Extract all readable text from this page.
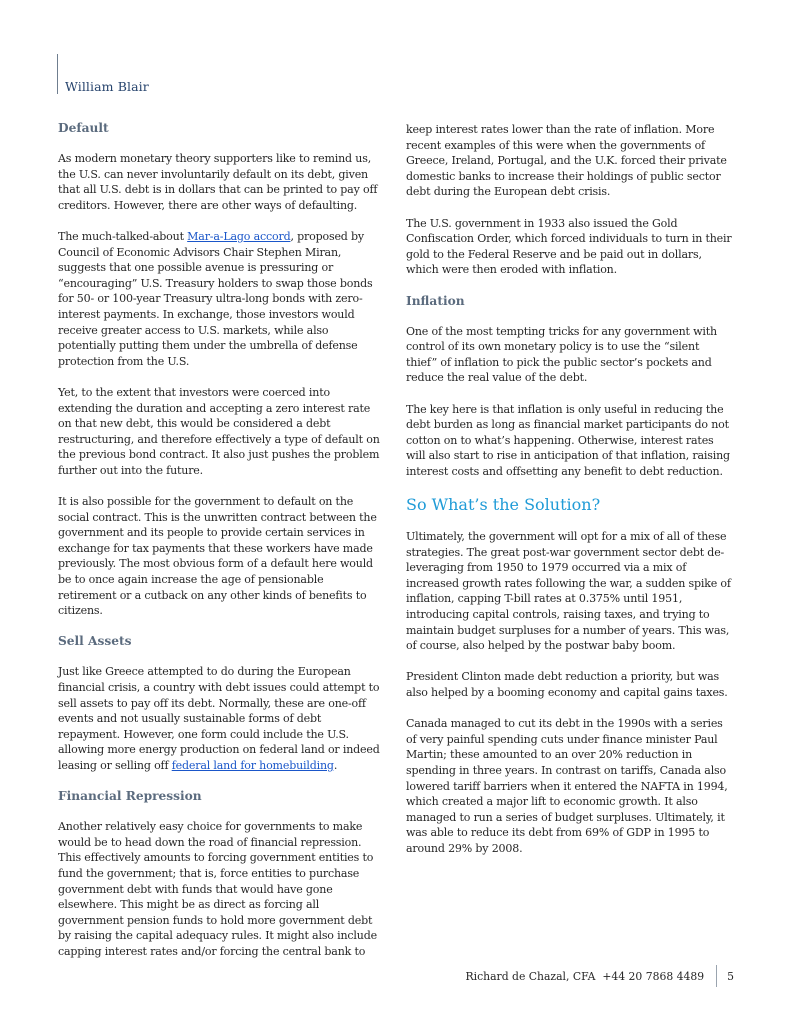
William Blair
Default

As modern monetary theory supporters like to remind us, the U.S. can never involuntarily default on its debt, given that all U.S. debt is in dollars that can be printed to pay off creditors. However, there are other ways of defaulting.

The much-talked-about Mar-a-Lago accord, proposed by Council of Economic Advisors Chair Stephen Miran, suggests that one possible avenue is pressuring or “encouraging” U.S. Treasury holders to swap those bonds for 50- or 100-year Treasury ultra-long bonds with zero-interest payments. In exchange, those investors would receive greater access to U.S. markets, while also potentially putting them under the umbrella of defense protection from the U.S.

Yet, to the extent that investors were coerced into extending the duration and accepting a zero interest rate on that new debt, this would be considered a debt restructuring, and therefore effectively a type of default on the previous bond contract. It also just pushes the problem further out into the future.

It is also possible for the government to default on the social contract. This is the unwritten contract between the government and its people to provide certain services in exchange for tax payments that these workers have made previously. The most obvious form of a default here would be to once again increase the age of pensionable retirement or a cutback on any other kinds of benefits to citizens.

Sell Assets

Just like Greece attempted to do during the European financial crisis, a country with debt issues could attempt to sell assets to pay off its debt. Normally, these are one-off events and not usually sustainable forms of debt repayment. However, one form could include the U.S. allowing more energy production on federal land or indeed leasing or selling off federal land for homebuilding.

Financial Repression

Another relatively easy choice for governments to make would be to head down the road of financial repression. This effectively amounts to forcing government entities to fund the government; that is, force entities to purchase government debt with funds that would have gone elsewhere. This might be as direct as forcing all government pension funds to hold more government debt by raising the capital adequacy rules. It might also include capping interest rates and/or forcing the central bank to

keep interest rates lower than the rate of inflation. More recent examples of this were when the governments of Greece, Ireland, Portugal, and the U.K. forced their private domestic banks to increase their holdings of public sector debt during the European debt crisis.

The U.S. government in 1933 also issued the Gold Confiscation Order, which forced individuals to turn in their gold to the Federal Reserve and be paid out in dollars, which were then eroded with inflation.

Inflation

One of the most tempting tricks for any government with control of its own monetary policy is to use the “silent thief” of inflation to pick the public sector’s pockets and reduce the real value of the debt.

The key here is that inflation is only useful in reducing the debt burden as long as financial market participants do not cotton on to what’s happening. Otherwise, interest rates will also start to rise in anticipation of that inflation, raising interest costs and offsetting any benefit to debt reduction.

So What’s the Solution?

Ultimately, the government will opt for a mix of all of these strategies. The great post-war government sector debt de-leveraging from 1950 to 1979 occurred via a mix of increased growth rates following the war, a sudden spike of inflation, capping T-bill rates at 0.375% until 1951, introducing capital controls, raising taxes, and trying to maintain budget surpluses for a number of years. This was, of course, also helped by the postwar baby boom.

President Clinton made debt reduction a priority, but was also helped by a booming economy and capital gains taxes.

Canada managed to cut its debt in the 1990s with a series of very painful spending cuts under finance minister Paul Martin; these amounted to an over 20% reduction in spending in three years. In contrast on tariffs, Canada also lowered tariff barriers when it entered the NAFTA in 1994, which created a major lift to economic growth. It also managed to run a series of budget surpluses. Ultimately, it was able to reduce its debt from 69% of GDP in 1995 to around 29% by 2008.

Richard de Chazal, CFA  +44 20 7868 4489 5
